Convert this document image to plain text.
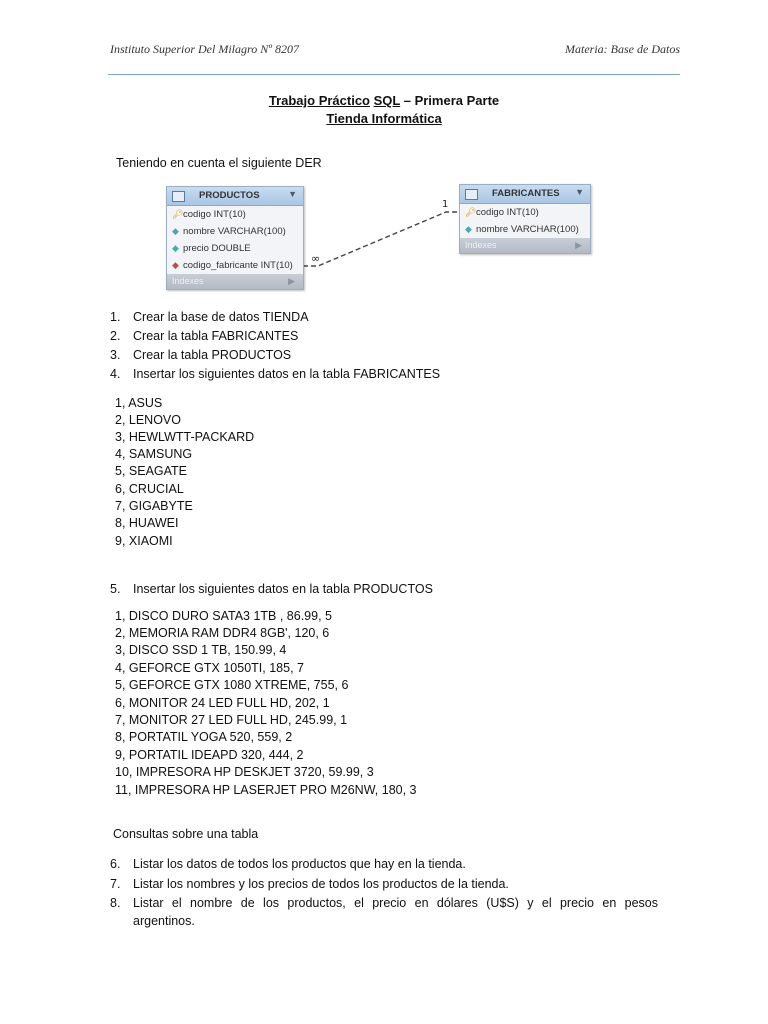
Instituto Superior Del Milagro Nº 8207	Materia: Base de Datos
Trabajo Práctico SQL – Primera Parte
Tienda Informática
Teniendo en cuenta el siguiente DER
∞
1
PRODUCTOS	▼
🔑︎ codigo INT(10)
◆ nombre VARCHAR(100)
◆ precio DOUBLE
◆ codigo_fabricante INT(10)
Indexes	▶
FABRICANTES ▼
🔑︎ codigo INT(10)
◆ nombre VARCHAR(100)
Indexes	▶
1. Crear la base de datos TIENDA
2. Crear la tabla FABRICANTES
3. Crear la tabla PRODUCTOS
4. Insertar los siguientes datos en la tabla FABRICANTES
1, ASUS
2, LENOVO
3, HEWLWTT-PACKARD
4, SAMSUNG
5, SEAGATE
6, CRUCIAL
7, GIGABYTE
8, HUAWEI
9, XIAOMI
5. Insertar los siguientes datos en la tabla PRODUCTOS
1, DISCO DURO SATA3 1TB , 86.99, 5
2, MEMORIA RAM DDR4 8GB', 120, 6
3, DISCO SSD 1 TB, 150.99, 4
4, GEFORCE GTX 1050TI, 185, 7
5, GEFORCE GTX 1080 XTREME, 755, 6
6, MONITOR 24 LED FULL HD, 202, 1
7, MONITOR 27 LED FULL HD, 245.99, 1
8, PORTATIL YOGA 520, 559, 2
9, PORTATIL IDEAPD 320, 444, 2
10, IMPRESORA HP DESKJET 3720, 59.99, 3
11, IMPRESORA HP LASERJET PRO M26NW, 180, 3
Consultas sobre una tabla
6. Listar los datos de todos los productos que hay en la tienda.
7. Listar los nombres y los precios de todos los productos de la tienda.
8. Listar el nombre de los productos, el precio en dólares (U$S) y el precio en pesos
argentinos.
